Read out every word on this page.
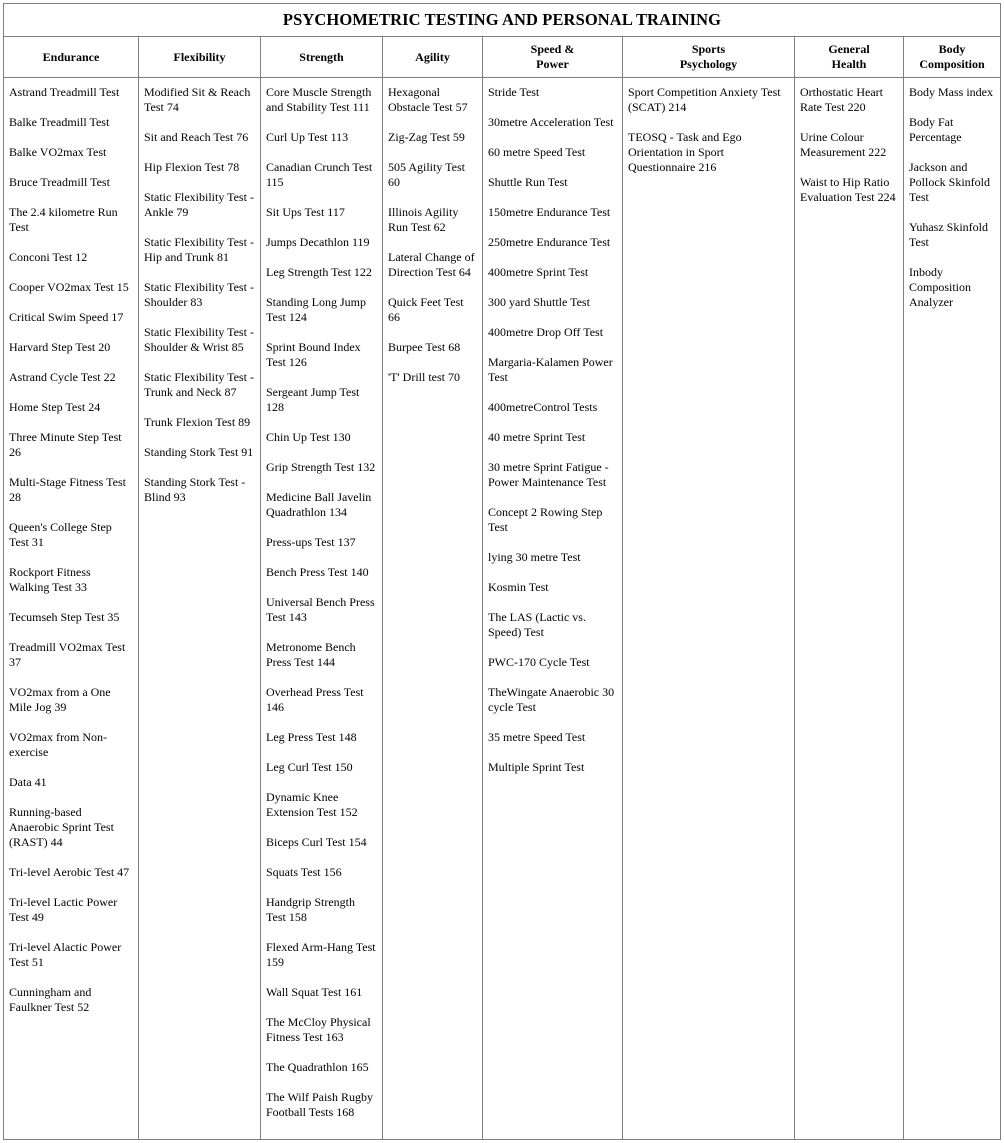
PSYCHOMETRIC TESTING AND PERSONAL TRAINING
Endurance
Astrand Treadmill Test
Balke Treadmill Test
Balke VO2max Test
Bruce Treadmill Test
The 2.4 kilometre Run Test
Conconi Test 12
Cooper VO2max Test 15
Critical Swim Speed 17
Harvard Step Test 20
Astrand Cycle Test 22
Home Step Test 24
Three Minute Step Test 26
Multi-Stage Fitness Test 28
Queen's College Step Test 31
Rockport Fitness Walking Test 33
Tecumseh Step Test 35
Treadmill VO2max Test 37
VO2max from a One Mile Jog 39
VO2max from Non-exercise
Data 41
Running-based Anaerobic Sprint Test (RAST) 44
Tri-level Aerobic Test 47
Tri-level Lactic Power Test 49
Tri-level Alactic Power Test 51
Cunningham and Faulkner Test 52
Flexibility
Modified Sit & Reach Test 74
Sit and Reach Test 76
Hip Flexion Test 78
Static Flexibility Test - Ankle 79
Static Flexibility Test - Hip and Trunk 81
Static Flexibility Test - Shoulder 83
Static Flexibility Test - Shoulder & Wrist 85
Static Flexibility Test - Trunk and Neck 87
Trunk Flexion Test 89
Standing Stork Test 91
Standing Stork Test - Blind 93
Strength
Core Muscle Strength and Stability Test 111
Curl Up Test 113
Canadian Crunch Test 115
Sit Ups Test 117
Jumps Decathlon 119
Leg Strength Test 122
Standing Long Jump Test 124
Sprint Bound Index Test 126
Sergeant Jump Test 128
Chin Up Test 130
Grip Strength Test 132
Medicine Ball Javelin Quadrathlon 134
Press-ups Test 137
Bench Press Test 140
Universal Bench Press Test 143
Metronome Bench Press Test 144
Overhead Press Test 146
Leg Press Test 148
Leg Curl Test 150
Dynamic Knee Extension Test 152
Biceps Curl Test 154
Squats Test 156
Handgrip Strength Test 158
Flexed Arm-Hang Test 159
Wall Squat Test 161
The McCloy Physical Fitness Test 163
The Quadrathlon 165
The Wilf Paish Rugby Football Tests 168
Agility
Hexagonal Obstacle Test 57
Zig-Zag Test 59
505 Agility Test 60
Illinois Agility Run Test 62
Lateral Change of Direction Test 64
Quick Feet Test 66
Burpee Test 68
'T' Drill test 70
Speed &
Power
Stride Test
30metre Acceleration Test
60 metre Speed Test
Shuttle Run Test
150metre Endurance Test
250metre Endurance Test
400metre Sprint Test
300 yard Shuttle Test
400metre Drop Off Test
Margaria-Kalamen Power Test
400metreControl Tests
40 metre Sprint Test
30 metre Sprint Fatigue - Power Maintenance Test
Concept 2 Rowing Step Test
lying 30 metre Test
Kosmin Test
The LAS (Lactic vs. Speed) Test
PWC-170 Cycle Test
TheWingate Anaerobic 30 cycle Test
35 metre Speed Test
Multiple Sprint Test
Sports
Psychology
Sport Competition Anxiety Test (SCAT) 214
TEOSQ - Task and Ego Orientation in Sport Questionnaire 216
General
Health
Orthostatic Heart Rate Test 220
Urine Colour Measurement 222
Waist to Hip Ratio Evaluation Test 224
Body
Composition
Body Mass index
Body Fat Percentage
Jackson and Pollock Skinfold Test
Yuhasz Skinfold Test
Inbody Composition Analyzer
